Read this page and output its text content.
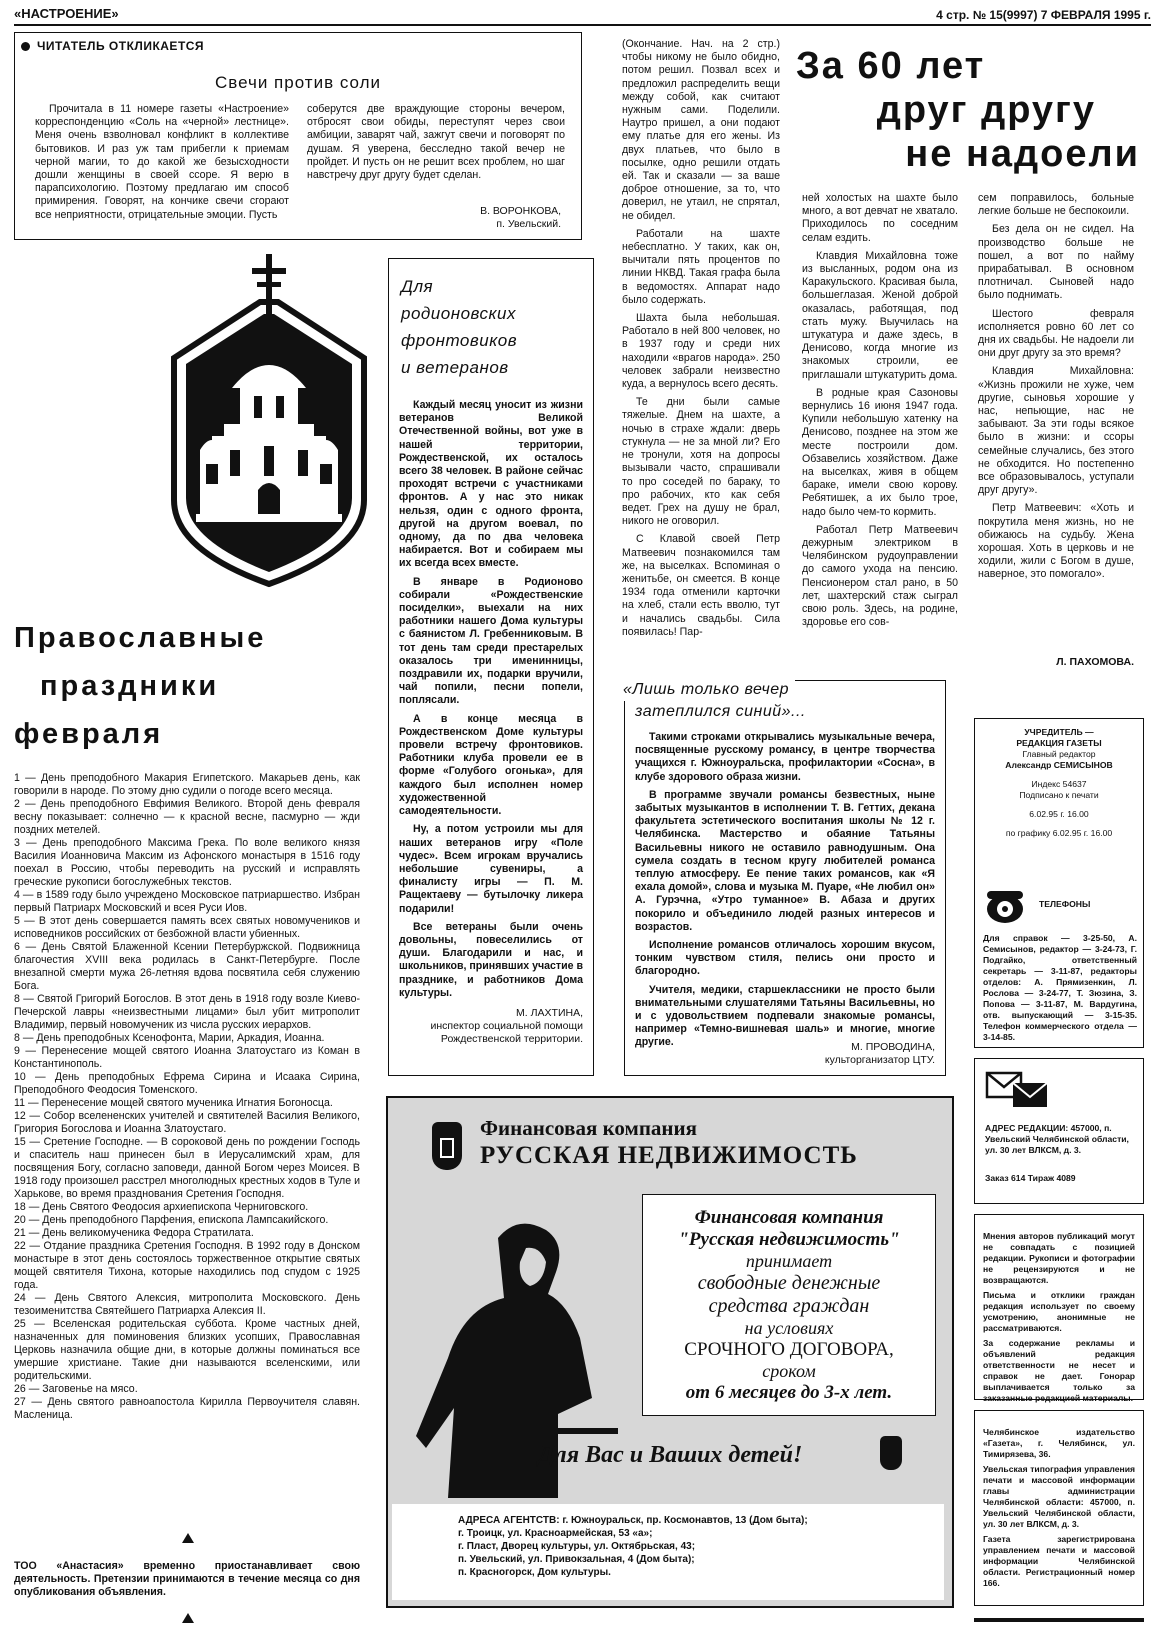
«НАСТРОЕНИЕ»	4 стр. № 15(9997) 7 ФЕВРАЛЯ 1995 г.
ЧИТАТЕЛЬ ОТКЛИКАЕТСЯ
Свечи против соли

Прочитала в 11 номере газеты «Настроение» корреспонденцию «Соль на «черной» лестнице». Меня очень взволновал конфликт в коллективе бытовиков. И раз уж там прибегли к приемам черной магии, то до какой же безысходности дошли женщины в своей ссоре. Я верю в парапсихологию. Поэтому предлагаю им способ примирения. Говорят, на кончике свечи сгорают все неприятности, отрицательные эмоции. Пусть

соберутся две враждующие стороны вечером, отбросят свои обиды, переступят через свои амбиции, заварят чай, зажгут свечи и поговорят по душам. Я уверена, бесследно такой вечер не пройдет. И пусть он не решит всех проблем, но шаг навстречу друг другу будет сделан.

В. ВОРОНКОВА,
п. Увельский.

(Окончание. Нач. на 2 стр.) чтобы никому не было обидно, потом решил. Позвал всех и предложил распределить вещи между собой, как считают нужным сами. Поделили. Наутро пришел, а они подают ему платье для его жены. Из двух платьев, что было в посылке, одно решили отдать ей. Так и сказали — за ваше доброе отношение, за то, что доверил, не утаил, не спрятал, не обидел.

Работали на шахте небесплатно. У таких, как он, вычитали пять процентов по линии НКВД. Такая графа была в ведомостях. Аппарат надо было содержать.

Шахта была небольшая. Работало в ней 800 человек, но в 1937 году и среди них находили «врагов народа». 250 человек забрали неизвестно куда, а вернулось всего десять.

Те дни были самые тяжелые. Днем на шахте, а ночью в страхе ждали: дверь стукнула — не за мной ли? Его не тронули, хотя на допросы вызывали часто, спрашивали то про соседей по бараку, то про рабочих, кто как себя ведет. Грех на душу не брал, никого не оговорил.

С Клавой своей Петр Матвеевич познакомился там же, на выселках. Вспоминая о женитьбе, он смеется. В конце 1934 года отменили карточки на хлеб, стали есть вволю, тут и начались свадьбы. Сила появилась! Пар-

За 60 лет
друг другу
не надоели

ней холостых на шахте было много, а вот девчат не хватало. Приходилось по соседним селам ездить.

Клавдия Михайловна тоже из высланных, родом она из Каракульского. Красивая была, большеглазая. Женой доброй оказалась, работящая, под стать мужу. Выучилась на штукатура и даже здесь, в Денисово, когда многие из знакомых строили, ее приглашали штукатурить дома.

В родные края Сазоновы вернулись 16 июня 1947 года. Купили небольшую хатенку на Денисово, позднее на этом же месте построили дом. Обзавелись хозяйством. Даже на выселках, живя в общем бараке, имели свою корову. Ребятишек, а их было трое, надо было чем-то кормить.

Работал Петр Матвеевич дежурным электриком в Челябинском рудоуправлении до самого ухода на пенсию. Пенсионером стал рано, в 50 лет, шахтерский стаж сыграл свою роль. Здесь, на родине, здоровье его сов-

сем поправилось, больные легкие больше не беспокоили.

Без дела он не сидел. На производство больше не пошел, а вот по найму прирабатывал. В основном плотничал. Сыновей надо было поднимать.

Шестого февраля исполняется ровно 60 лет со дня их свадьбы. Не надоели ли они друг другу за это время?

Клавдия Михайловна: «Жизнь прожили не хуже, чем другие, сыновья хорошие у нас, непьющие, нас не забывают. За эти годы всякое было в жизни: и ссоры семейные случались, без этого не обходится. Но постепенно все образовывалось, уступали друг другу».

Петр Матвеевич: «Хоть и покрутила меня жизнь, но не обижаюсь на судьбу. Жена хорошая. Хоть в церковь и не ходили, жили с Богом в душе, наверное, это помогало».

Л. ПАХОМОВА.
Православные
праздники
февраля
1 — День преподобного Макария Египетского. Макарьев день, как говорили в народе. По этому дню судили о погоде всего месяца.
2 — День преподобного Евфимия Великого. Второй день февраля весну показывает: солнечно — к красной весне, пасмурно — жди поздних метелей.
3 — День преподобного Максима Грека. По воле великого князя Василия Иоанновича Максим из Афонского монастыря в 1516 году поехал в Россию, чтобы переводить на русский и исправлять греческие рукописи богослужебных текстов.
4 — в 1589 году было учреждено Московское патриаршество. Избран первый Патриарх Московский и всея Руси Иов.
5 — В этот день совершается память всех святых новомучеников и исповедников российских от безбожной власти убиенных.
6 — День Святой Блаженной Ксении Петербуржской. Подвижница благочестия XVIII века родилась в Санкт-Петербурге. После внезапной смерти мужа 26-летняя вдова посвятила себя служению Бога.
8 — Святой Григорий Богослов. В этот день в 1918 году возле Киево-Печерской лавры «неизвестными лицами» был убит митрополит Владимир, первый новомученик из числа русских иерархов.
8 — День преподобных Ксенофонта, Марии, Аркадия, Иоанна.
9 — Перенесение мощей святого Иоанна Златоустаго из Коман в Константинополь.
10 — День преподобных Ефрема Сирина и Исаака Сирина, Преподобного Феодосия Томенского.
11 — Перенесение мощей святого мученика Игнатия Богоносца.
12 — Собор вселененских учителей и святителей Василия Великого, Григория Богослова и Иоанна Златоустаго.
15 — Сретение Господне. — В сороковой день по рождении Господь и спаситель наш принесен был в Иерусалимский храм, для посвящения Богу, согласно заповеди, данной Богом через Моисея. В 1918 году произошел расстрел многолюдных крестных ходов в Туле и Харькове, во время празднования Сретения Господня.
18 — День Святого Феодосия архиепископа Черниговского.
20 — День преподобного Парфения, епископа Лампсакийского.
21 — День великомученика Федора Стратилата.
22 — Отдание праздника Сретения Господня. В 1992 году в Донском монастыре в этот день состоялось торжественное открытие святых мощей святителя Тихона, которые находились под спудом с 1925 года.
24 — День Святого Алексия, митрополита Московского. День тезоименитства Святейшего Патриарха Алексия II.
25 — Вселенская родительская суббота. Кроме частных дней, назначенных для поминовения близких усопших, Православная Церковь назначила общие дни, в которые должны поминаться все умершие христиане. Такие дни называются вселенскими, или родительскими.
26 — Заговенье на мясо.
27 — День святого равноапостола Кирилла Первоучителя славян. Масленица.
ТОО «Анастасия» временно приостанавливает свою деятельность. Претензии принимаются в течение месяца со дня опубликования объявления.
Для
родионовских
фронтовиков
и ветеранов

Каждый месяц уносит из жизни ветеранов Великой Отечественной войны, вот уже в нашей территории, Рождественской, их осталось всего 38 человек. В районе сейчас проходят встречи с участниками фронтов. А у нас это никак нельзя, один с одного фронта, другой на другом воевал, по одному, да по два человека набирается. Вот и собираем мы их всегда всех вместе.

В январе в Родионово собирали «Рождественские посиделки», выехали на них работники нашего Дома культуры с баянистом Л. Гребенниковым. В тот день там среди престарелых оказалось три именинницы, поздравили их, подарки вручили, чай попили, песни попели, поплясали.

А в конце месяца в Рождественском Доме культуры провели встречу фронтовиков. Работники клуба провели ее в форме «Голубого огонька», для каждого был исполнен номер художественной самодеятельности.

Ну, а потом устроили мы для наших ветеранов игру «Поле чудес». Всем игрокам вручались небольшие сувениры, а финалисту игры — П. М. Ращектаеву — бутылочку ликера подарили!

Все ветераны были очень довольны, повеселились от души. Благодарили и нас, и школьников, принявших участие в празднике, и работников Дома культуры.

М. ЛАХТИНА,
инспектор социальной помощи Рождественской территории.
«Лишь только вечер
затеплился синий»...

Такими строками открывались музыкальные вечера, посвященные русскому романсу, в центре творчества учащихся г. Южноуральска, профилактории «Сосна», в клубе здорового образа жизни.

В программе звучали романсы безвестных, ныне забытых музыкантов в исполнении Т. В. Геттих, декана факультета эстетического воспитания школы № 12 г. Челябинска. Мастерство и обаяние Татьяны Васильевны никого не оставило равнодушным. Она сумела создать в тесном кругу любителей романса теплую атмосферу. Ее пение таких романсов, как «Я ехала домой», слова и музыка М. Пуаре, «Не любил он» А. Гурэчна, «Утро туманное» В. Абаза и других покорило и объединило людей разных интересов и возрастов.

Исполнение романсов отличалось хорошим вкусом, тонким чувством стиля, пелись они просто и благородно.

Учителя, медики, старшеклассники не просто были внимательными слушателями Татьяны Васильевны, но и с удовольствием подпевали знакомые романсы, например «Темно-вишневая шаль» и многие, многие другие.	М. ПРОВОДИНА,
культорганизатор ЦТУ.
Финансовая компания
РУССКАЯ НЕДВИЖИМОСТЬ
Финансовая компания
"Русская недвижимость"
принимает
свободные денежные
средства граждан
на условиях
СРОЧНОГО ДОГОВОРА,
сроком
от 6 месяцев до 3-х лет.
Для Вас и Ваших детей!
АДРЕСА АГЕНТСТВ: г. Южноуральск, пр. Космонавтов, 13 (Дом быта);
г. Троицк, ул. Красноармейская, 53 «а»;
г. Пласт, Дворец культуры, ул. Октябрьская, 43;
п. Увельский, ул. Привокзальная, 4 (Дом быта);
п. Красногорск, Дом культуры.
УЧРЕДИТЕЛЬ —
РЕДАКЦИЯ ГАЗЕТЫ
Главный редактор
Александр СЕМИСЫНОВ
Индекс 54637
Подписано к печати
6.02.95 г. 16.00
по графику 6.02.95 г. 16.00
ТЕЛЕФОНЫ
Для справок — 3-25-50, А. Семисынов, редактор — 3-24-73, Г. Подгайко, ответственный секретарь — 3-11-87, редакторы отделов: А. Прямизенкин, Л. Рослова — 3-24-77, Т. Зюзина, З. Попова — 3-11-87, М. Вардугина, отв. выпускающий — 3-15-35. Телефон коммерческого отдела — 3-14-85.
АДРЕС РЕДАКЦИИ: 457000, п. Увельский Челябинской области, ул. 30 лет ВЛКСМ, д. 3.
Заказ 614 Тираж 4089
Мнения авторов публикаций могут не совпадать с позицией редакции. Рукописи и фотографии не рецензируются и не возвращаются.
Письма и отклики граждан редакция использует по своему усмотрению, анонимные не рассматриваются.
За содержание рекламы и объявлений редакция ответственности не несет и справок не дает. Гонорар выплачивается только за заказанные редакцией материалы.
Челябинское издательство «Газета», г. Челябинск, ул. Тимирязева, 36.
Увельская типография управления печати и массовой информации главы администрации Челябинской области: 457000, п. Увельский Челябинской области, ул. 30 лет ВЛКСМ, д. 3.
Газета зарегистрирована управлением печати и массовой информации Челябинской области. Регистрационный номер 166.
